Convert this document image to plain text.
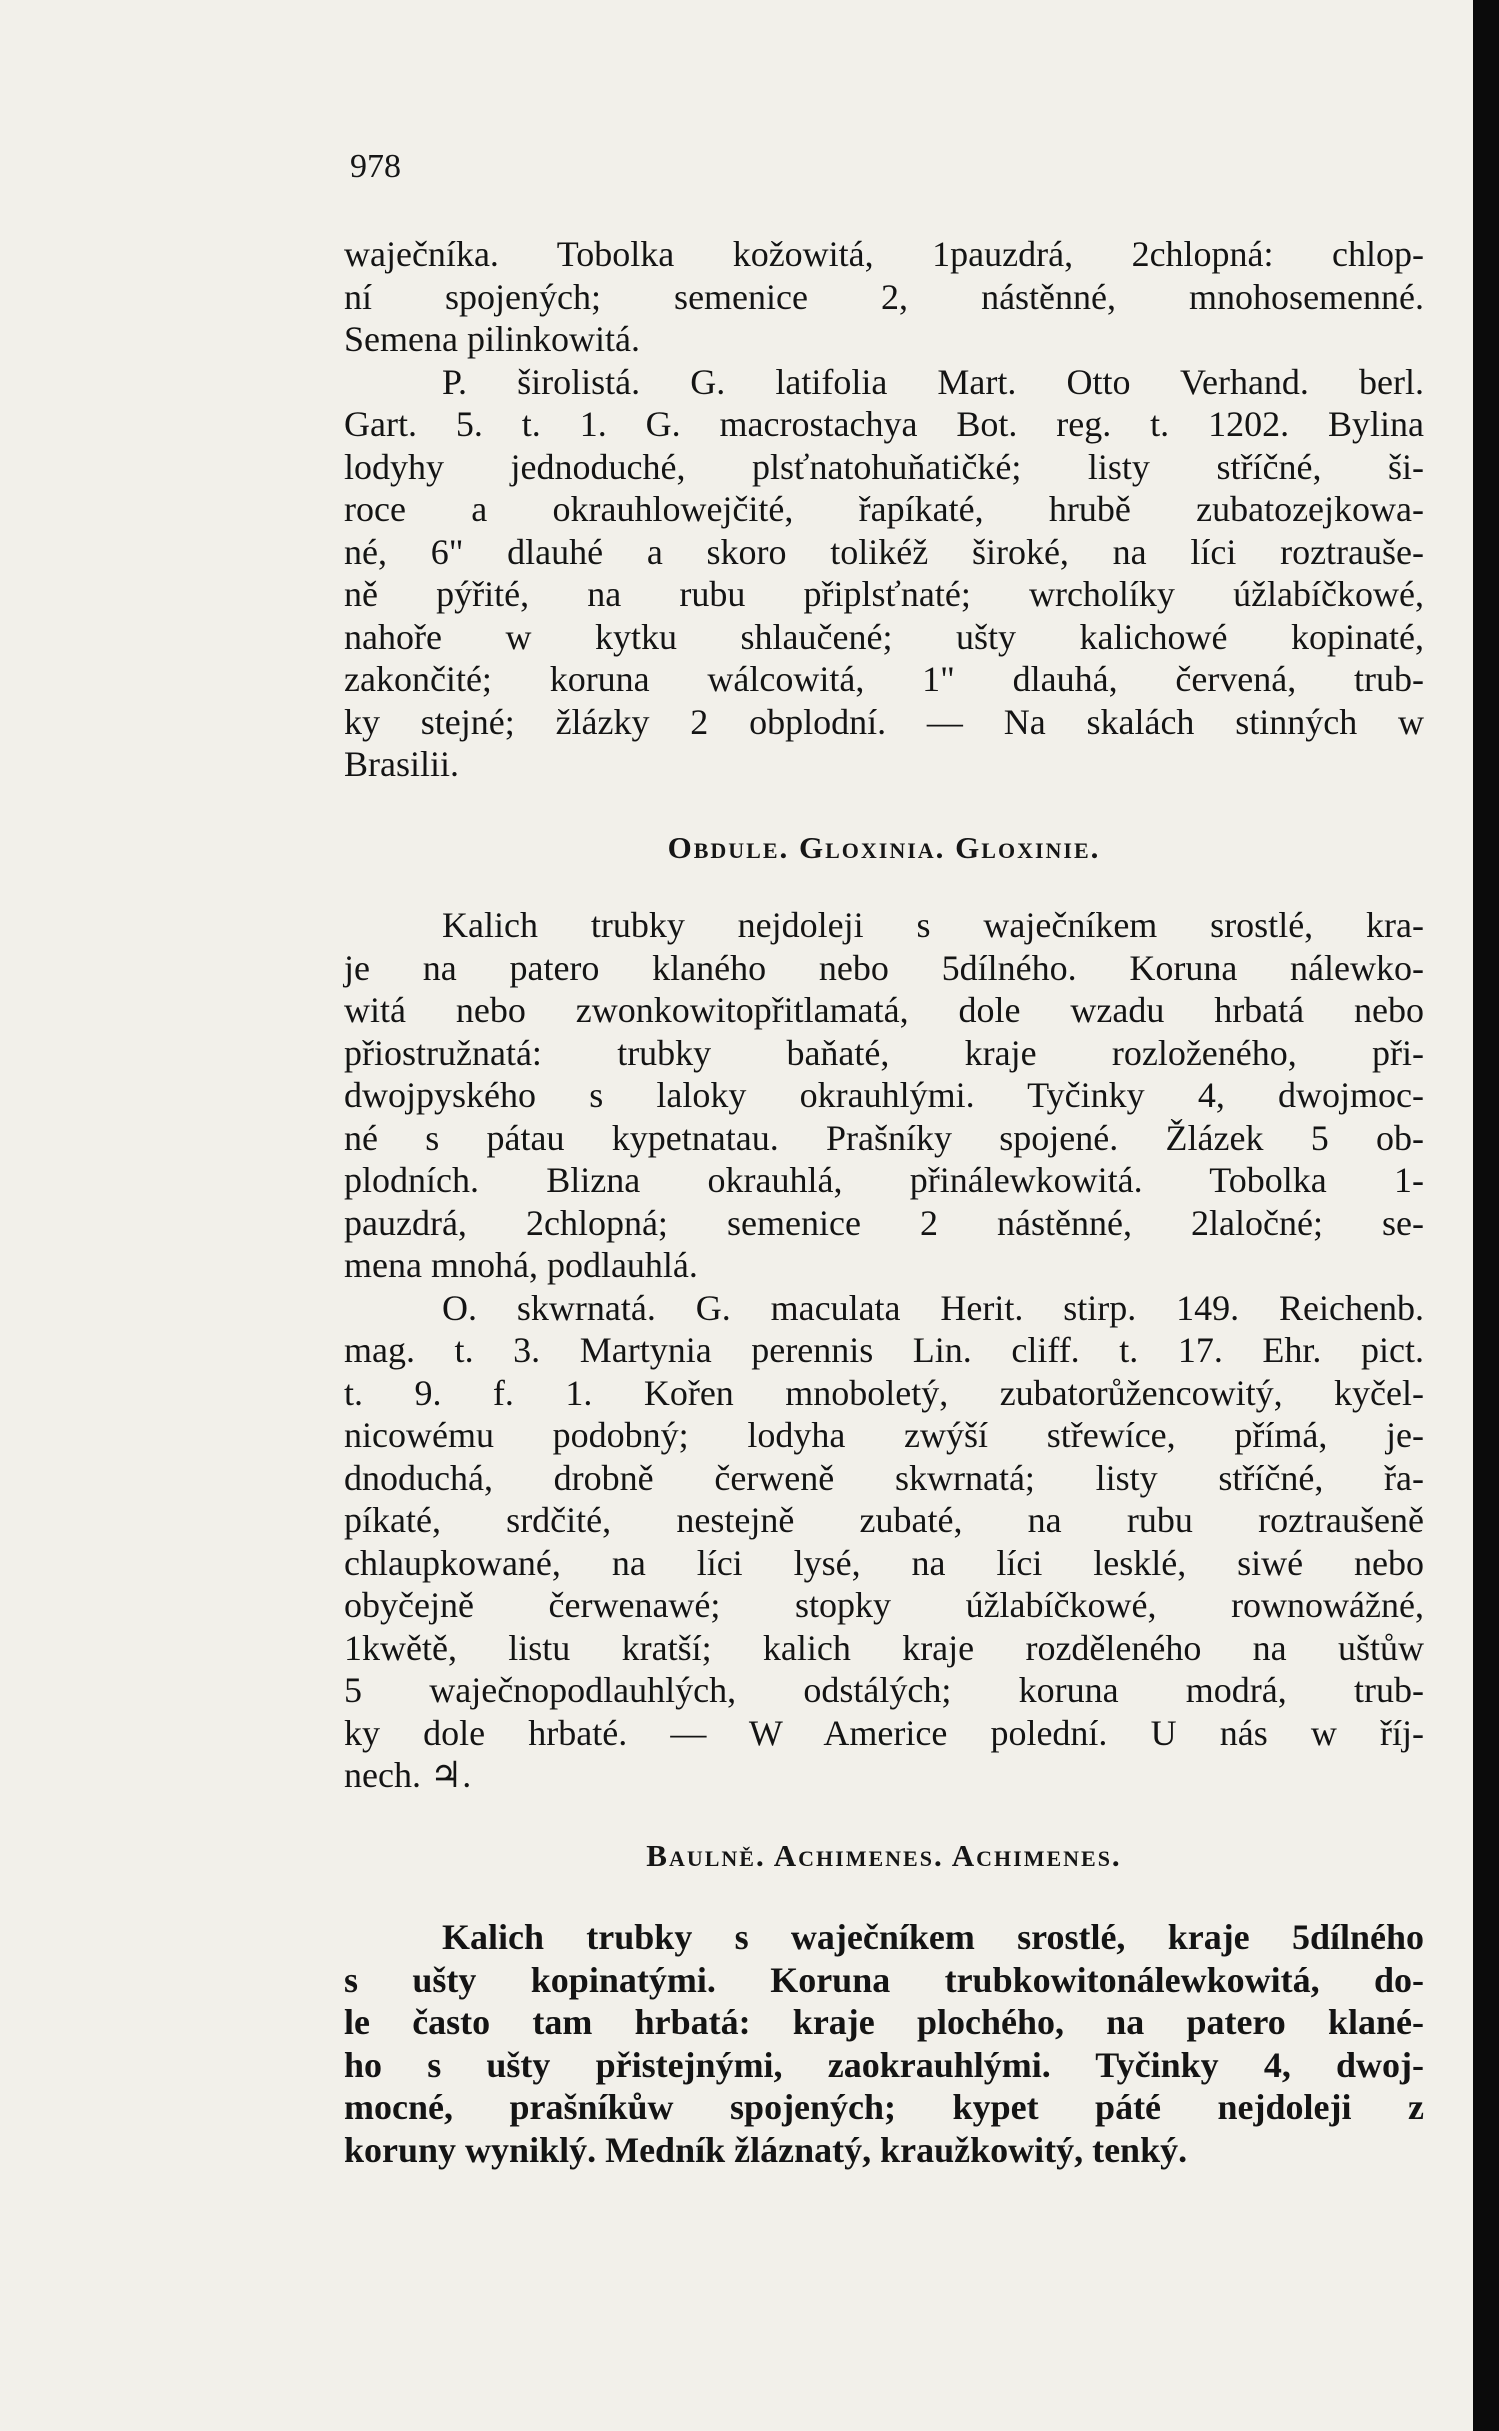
978
waječníka. Tobolka kožowitá, 1pauzdrá, 2chlopná: chlop-
ní spojených; semenice 2, nástěnné, mnohosemenné.
Semena pilinkowitá.
P. širolistá. G. latifolia Mart. Otto Verhand. berl.
Gart. 5. t. 1. G. macrostachya Bot. reg. t. 1202. Bylina
lodyhy jednoduché, plsťnatohuňatičké; listy stříčné, ši-
roce a okrauhlowejčité, řapíkaté, hrubě zubatozejkowa-
né, 6" dlauhé a skoro tolikéž široké, na líci roztrauše-
ně pýřité, na rubu připlsťnaté; wrcholíky úžlabíčkowé,
nahoře w kytku shlaučené; ušty kalichowé kopinaté,
zakončité; koruna wálcowitá, 1" dlauhá, červená, trub-
ky stejné; žlázky 2 obplodní. — Na skalách stinných w
Brasilii.
Obdule. Gloxinia. Gloxinie.
Kalich trubky nejdoleji s waječníkem srostlé, kra-
je na patero klaného nebo 5dílného. Koruna nálewko-
witá nebo zwonkowitopřitlamatá, dole wzadu hrbatá nebo
přiostružnatá: trubky baňaté, kraje rozloženého, při-
dwojpyského s laloky okrauhlými. Tyčinky 4, dwojmoc-
né s pátau kypetnatau. Prašníky spojené. Žlázek 5 ob-
plodních. Blizna okrauhlá, přinálewkowitá. Tobolka 1-
pauzdrá, 2chlopná; semenice 2 nástěnné, 2laločné; se-
mena mnohá, podlauhlá.
O. skwrnatá. G. maculata Herit. stirp. 149. Reichenb.
mag. t. 3. Martynia perennis Lin. cliff. t. 17. Ehr. pict.
t. 9. f. 1. Kořen mnoboletý, zubatorůžencowitý, kyčel-
nicowému podobný; lodyha zwýší střewíce, přímá, je-
dnoduchá, drobně čerweně skwrnatá; listy stříčné, řa-
píkaté, srdčité, nestejně zubaté, na rubu roztraušeně
chlaupkowané, na líci lysé, na líci lesklé, siwé nebo
obyčejně čerwenawé; stopky úžlabíčkowé, rownowážné,
1kwětě, listu kratší; kalich kraje rozděleného na uštůw
5 waječnopodlauhlých, odstálých; koruna modrá, trub-
ky dole hrbaté. — W Americe polední. U nás w říj-
nech. ♃.
Baulně. Achimenes. Achimenes.
Kalich trubky s waječníkem srostlé, kraje 5dílného
s ušty kopinatými. Koruna trubkowitonálewkowitá, do-
le často tam hrbatá: kraje plochého, na patero klané-
ho s ušty přistejnými, zaokrauhlými. Tyčinky 4, dwoj-
mocné, prašníkůw spojených; kypet páté nejdoleji z
koruny wyniklý. Medník žláznatý, kraužkowitý, tenký.
